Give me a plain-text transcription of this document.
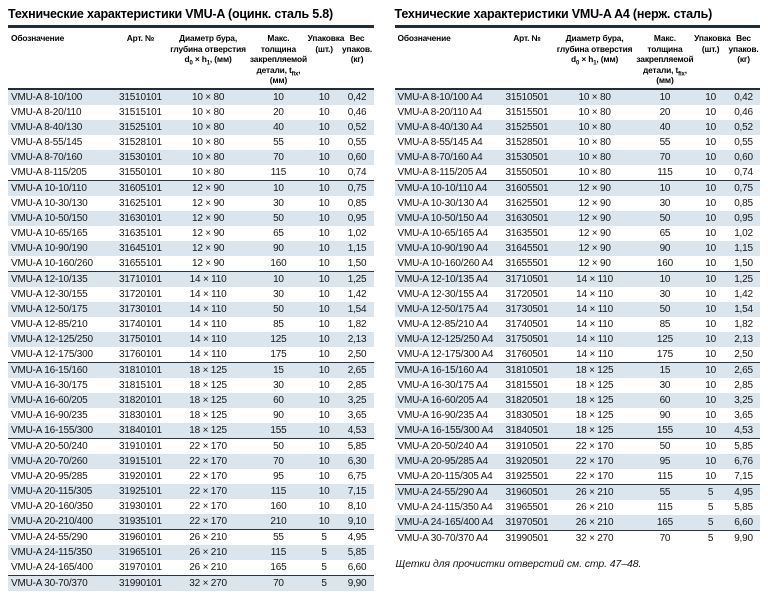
Технические характеристики VMU-A (оцинк. сталь 5.8)
Обозначение	Арт. №	Диаметр бура, глубина отверстия $d_0 \times h_1$, (мм)	Макс. толщина закрепляемой детали, $t_{fix}$, (мм)	Упаковка (шт.)	Вес упаков. (кг)
VMU-A 8-10/100	31510101	10 × 80	10	10	0,42
VMU-A 8-20/110	31515101	10 × 80	20	10	0,46
VMU-A 8-40/130	31525101	10 × 80	40	10	0,52
VMU-A 8-55/145	31528101	10 × 80	55	10	0,55
VMU-A 8-70/160	31530101	10 × 80	70	10	0,60
VMU-A 8-115/205	31550101	10 × 80	115	10	0,74
VMU-A 10-10/110	31605101	12 × 90	10	10	0,75
VMU-A 10-30/130	31625101	12 × 90	30	10	0,85
VMU-A 10-50/150	31630101	12 × 90	50	10	0,95
VMU-A 10-65/165	31635101	12 × 90	65	10	1,02
VMU-A 10-90/190	31645101	12 × 90	90	10	1,15
VMU-A 10-160/260	31655101	12 × 90	160	10	1,50
VMU-A 12-10/135	31710101	14 × 110	10	10	1,25
VMU-A 12-30/155	31720101	14 × 110	30	10	1,42
VMU-A 12-50/175	31730101	14 × 110	50	10	1,54
VMU-A 12-85/210	31740101	14 × 110	85	10	1,82
VMU-A 12-125/250	31750101	14 × 110	125	10	2,13
VMU-A 12-175/300	31760101	14 × 110	175	10	2,50
VMU-A 16-15/160	31810101	18 × 125	15	10	2,65
VMU-A 16-30/175	31815101	18 × 125	30	10	2,85
VMU-A 16-60/205	31820101	18 × 125	60	10	3,25
VMU-A 16-90/235	31830101	18 × 125	90	10	3,65
VMU-A 16-155/300	31840101	18 × 125	155	10	4,53
VMU-A 20-50/240	31910101	22 × 170	50	10	5,85
VMU-A 20-70/260	31915101	22 × 170	70	10	6,30
VMU-A 20-95/285	31920101	22 × 170	95	10	6,75
VMU-A 20-115/305	31925101	22 × 170	115	10	7,15
VMU-A 20-160/350	31930101	22 × 170	160	10	8,10
VMU-A 20-210/400	31935101	22 × 170	210	10	9,10
VMU-A 24-55/290	31960101	26 × 210	55	5	4,95
VMU-A 24-115/350	31965101	26 × 210	115	5	5,85
VMU-A 24-165/400	31970101	26 × 210	165	5	6,60
VMU-A 30-70/370	31990101	32 × 270	70	5	9,90
Технические характеристики VMU-A A4 (нерж. сталь)
Обозначение	Арт. №	Диаметр бура, глубина отверстия $d_0 \times h_1$, (мм)	Макс. толщина закрепляемой детали, $t_{fix}$, (мм)	Упаковка (шт.)	Вес упаков. (кг)
VMU-A 8-10/100 A4	31510501	10 × 80	10	10	0,42
VMU-A 8-20/110 A4	31515501	10 × 80	20	10	0,46
VMU-A 8-40/130 A4	31525501	10 × 80	40	10	0,52
VMU-A 8-55/145 A4	31528501	10 × 80	55	10	0,55
VMU-A 8-70/160 A4	31530501	10 × 80	70	10	0,60
VMU-A 8-115/205 A4	31550501	10 × 80	115	10	0,74
VMU-A 10-10/110 A4	31605501	12 × 90	10	10	0,75
VMU-A 10-30/130 A4	31625501	12 × 90	30	10	0,85
VMU-A 10-50/150 A4	31630501	12 × 90	50	10	0,95
VMU-A 10-65/165 A4	31635501	12 × 90	65	10	1,02
VMU-A 10-90/190 A4	31645501	12 × 90	90	10	1,15
VMU-A 10-160/260 A4	31655501	12 × 90	160	10	1,50
VMU-A 12-10/135 A4	31710501	14 × 110	10	10	1,25
VMU-A 12-30/155 A4	31720501	14 × 110	30	10	1,42
VMU-A 12-50/175 A4	31730501	14 × 110	50	10	1,54
VMU-A 12-85/210 A4	31740501	14 × 110	85	10	1,82
VMU-A 12-125/250 A4	31750501	14 × 110	125	10	2,13
VMU-A 12-175/300 A4	31760501	14 × 110	175	10	2,50
VMU-A 16-15/160 A4	31810501	18 × 125	15	10	2,65
VMU-A 16-30/175 A4	31815501	18 × 125	30	10	2,85
VMU-A 16-60/205 A4	31820501	18 × 125	60	10	3,25
VMU-A 16-90/235 A4	31830501	18 × 125	90	10	3,65
VMU-A 16-155/300 A4	31840501	18 × 125	155	10	4,53
VMU-A 20-50/240 A4	31910501	22 × 170	50	10	5,85
VMU-A 20-95/285 A4	31920501	22 × 170	95	10	6,76
VMU-A 20-115/305 A4	31925501	22 × 170	115	10	7,15
VMU-A 24-55/290 A4	31960501	26 × 210	55	5	4,95
VMU-A 24-115/350 A4	31965501	26 × 210	115	5	5,85
VMU-A 24-165/400 A4	31970501	26 × 210	165	5	6,60
VMU-A 30-70/370 A4	31990501	32 × 270	70	5	9,90
Щетки для прочистки отверстий см. стр. 47–48.
